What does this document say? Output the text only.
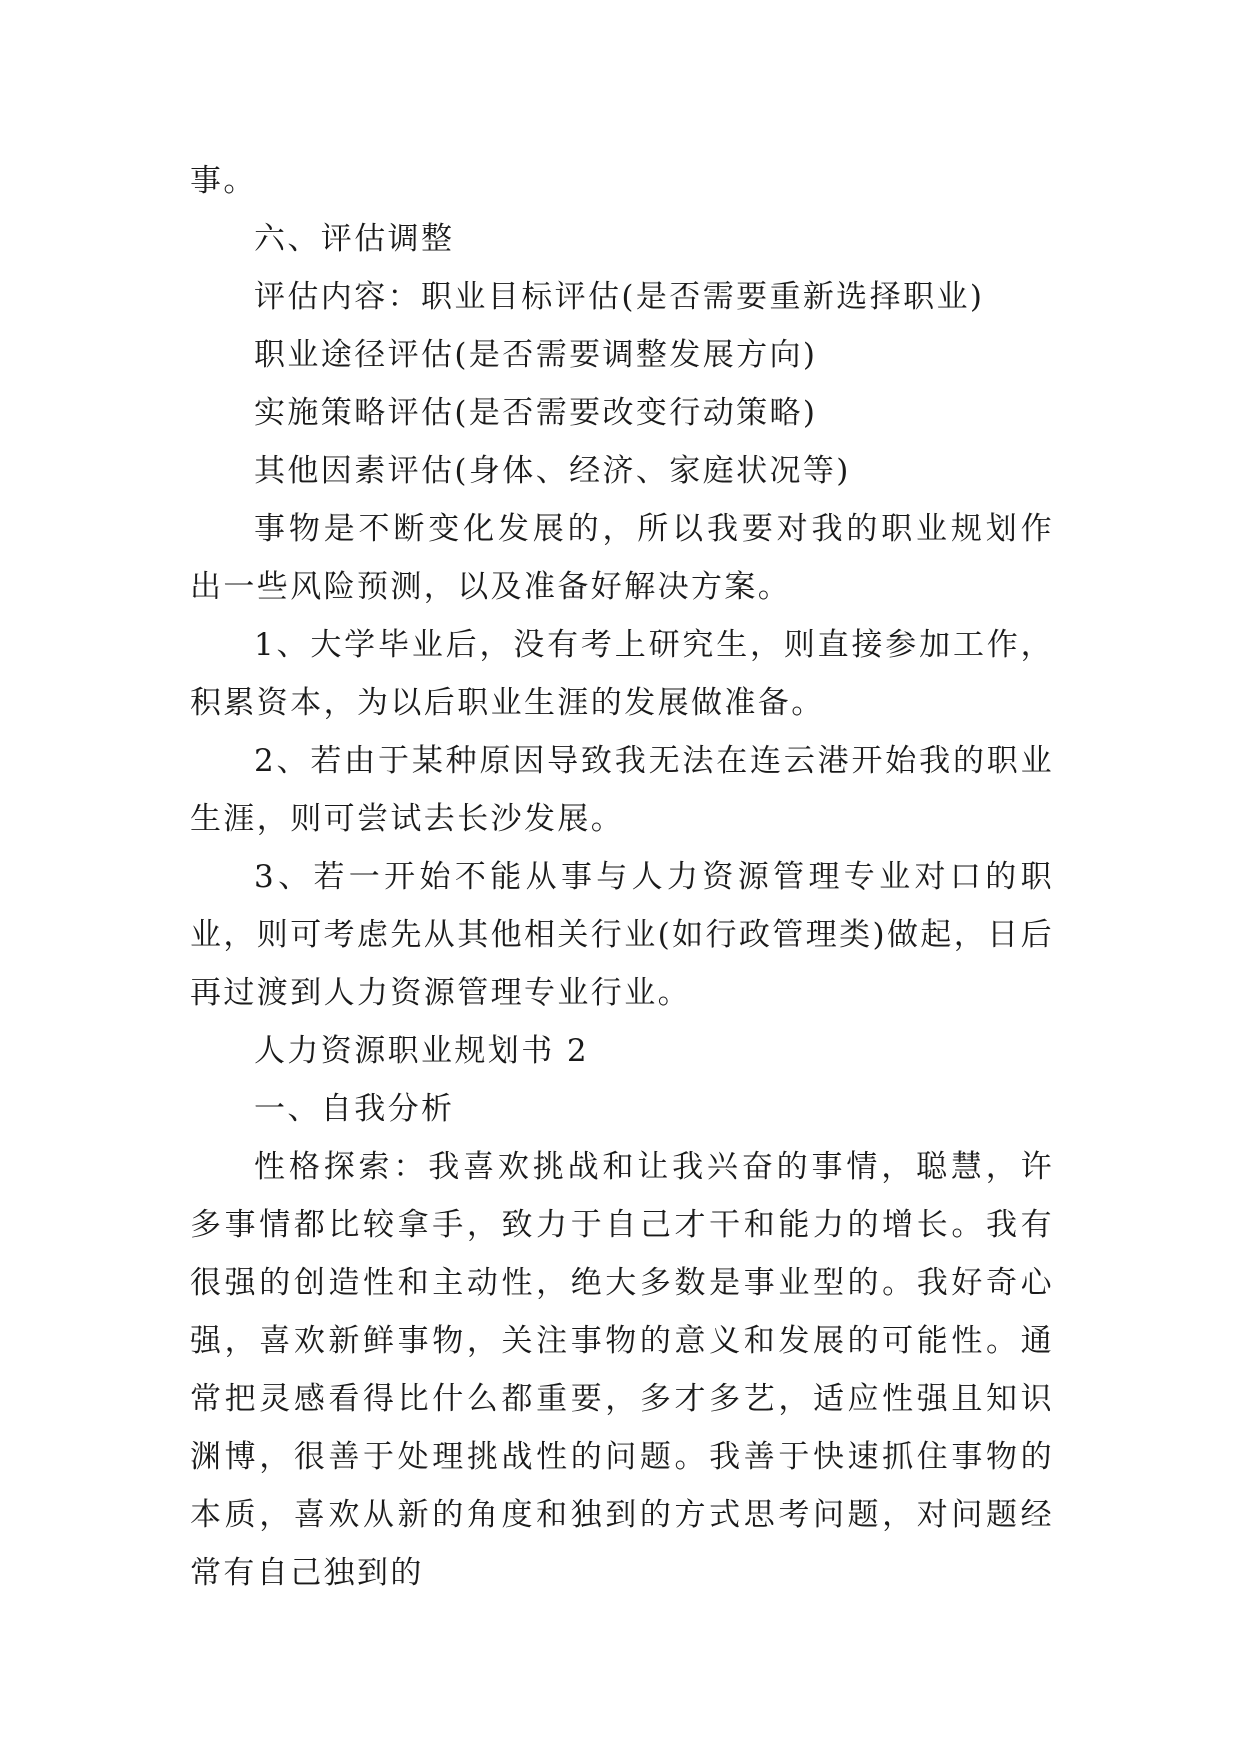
事。

六、评估调整

评估内容：职业目标评估(是否需要重新选择职业)

职业途径评估(是否需要调整发展方向)

实施策略评估(是否需要改变行动策略)

其他因素评估(身体、经济、家庭状况等)

事物是不断变化发展的，所以我要对我的职业规划作出一些风险预测，以及准备好解决方案。

1、大学毕业后，没有考上研究生，则直接参加工作，积累资本，为以后职业生涯的发展做准备。

2、若由于某种原因导致我无法在连云港开始我的职业生涯，则可尝试去长沙发展。

3、若一开始不能从事与人力资源管理专业对口的职业，则可考虑先从其他相关行业(如行政管理类)做起，日后再过渡到人力资源管理专业行业。

人力资源职业规划书 2

一、自我分析

性格探索：我喜欢挑战和让我兴奋的事情，聪慧，许多事情都比较拿手，致力于自己才干和能力的增长。我有很强的创造性和主动性，绝大多数是事业型的。我好奇心强，喜欢新鲜事物，关注事物的意义和发展的可能性。通常把灵感看得比什么都重要，多才多艺，适应性强且知识渊博，很善于处理挑战性的问题。我善于快速抓住事物的本质，喜欢从新的角度和独到的方式思考问题，对问题经常有自己独到的
